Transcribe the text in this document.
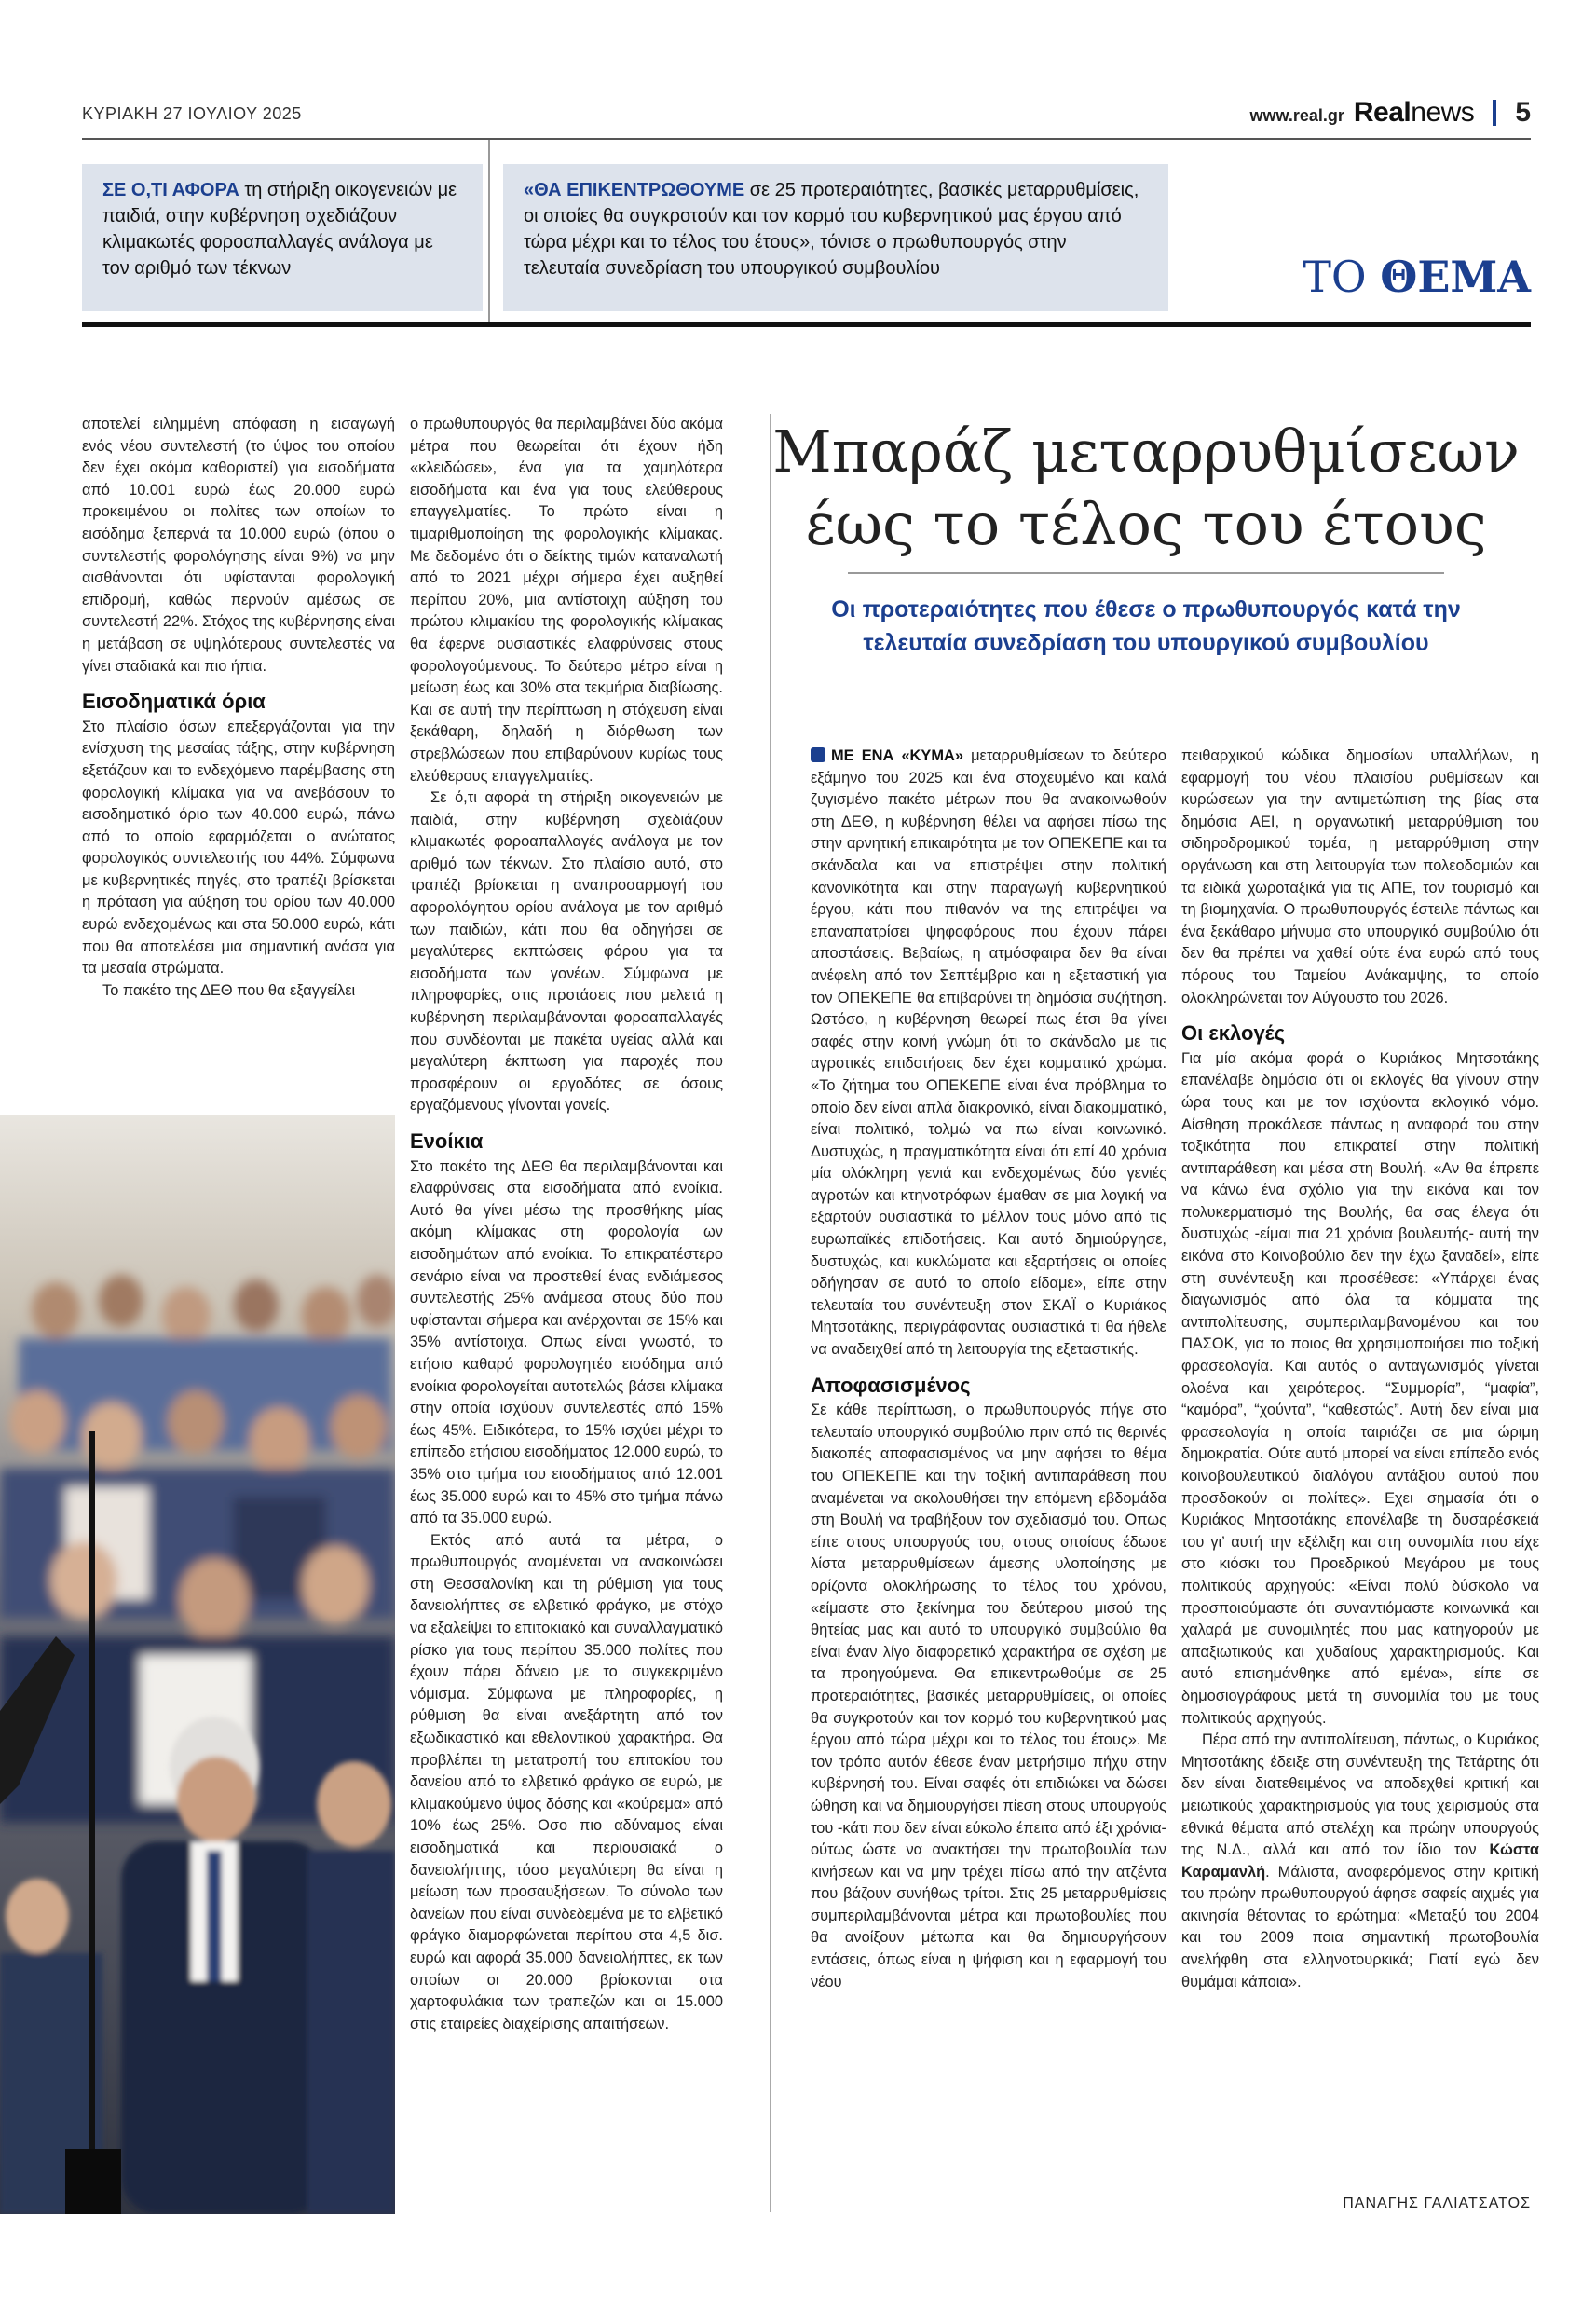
ΚΥΡΙΑΚΗ 27 ΙΟΥΛΙΟΥ 2025	www.real.gr Realnews 5
ΣΕ Ο,ΤΙ ΑΦΟΡΑ τη στήριξη οικογενειών με παιδιά, στην κυβέρνηση σχεδιάζουν κλιμακωτές φοροαπαλλαγές ανάλογα με τον αριθμό των τέκνων
«ΘΑ ΕΠΙΚΕΝΤΡΩΘΟΥΜΕ σε 25 προτεραιότητες, βασικές μεταρρυθμίσεις, οι οποίες θα συγκροτούν και τον κορμό του κυβερνητικού μας έργου από τώρα μέχρι και το τέλος του έτους», τόνισε ο πρωθυπουργός στην τελευταία συνεδρίαση του υπουργικού συμβουλίου	ΤΟ ΘΕΜΑ

αποτελεί ειλημμένη απόφαση η εισαγωγή ενός νέου συντελεστή (το ύψος του οποίου δεν έχει ακόμα καθοριστεί) για εισοδήματα από 10.001 ευρώ έως 20.000 ευρώ προκειμένου οι πολίτες των οποίων το εισόδημα ξεπερνά τα 10.000 ευρώ (όπου ο συντελεστής φορολόγησης είναι 9%) να μην αισθάνονται ότι υφίστανται φορολογική επιδρομή, καθώς περνούν αμέσως σε συντελεστή 22%. Στόχος της κυβέρνησης είναι η μετάβαση σε υψηλότερους συντελεστές να γίνει σταδιακά και πιο ήπια.

Εισοδηματικά όρια

Στο πλαίσιο όσων επεξεργάζονται για την ενίσχυση της μεσαίας τάξης, στην κυβέρνηση εξετάζουν και το ενδεχόμενο παρέμβασης στη φορολογική κλίμακα για να ανεβάσουν το εισοδηματικό όριο των 40.000 ευρώ, πάνω από το οποίο εφαρμόζεται ο ανώτατος φορολογικός συντελεστής του 44%. Σύμφωνα με κυβερνητικές πηγές, στο τραπέζι βρίσκεται η πρόταση για αύξηση του ορίου των 40.000 ευρώ ενδεχομένως και στα 50.000 ευρώ, κάτι που θα αποτελέσει μια σημαντική ανάσα για τα μεσαία στρώματα.

Το πακέτο της ΔΕΘ που θα εξαγγείλει

ο πρωθυπουργός θα περιλαμβάνει δύο ακόμα μέτρα που θεωρείται ότι έχουν ήδη «κλειδώσει», ένα για τα χαμηλότερα εισοδήματα και ένα για τους ελεύθερους επαγγελματίες. Το πρώτο είναι η τιμαριθμοποίηση της φορολογικής κλίμακας. Με δεδομένο ότι ο δείκτης τιμών καταναλωτή από το 2021 μέχρι σήμερα έχει αυξηθεί περίπου 20%, μια αντίστοιχη αύξηση του πρώτου κλιμακίου της φορολογικής κλίμακας θα έφερνε ουσιαστικές ελαφρύνσεις στους φορολογούμενους. Το δεύτερο μέτρο είναι η μείωση έως και 30% στα τεκμήρια διαβίωσης. Και σε αυτή την περίπτωση η στόχευση είναι ξεκάθαρη, δηλαδή η διόρθωση των στρεβλώσεων που επιβαρύνουν κυρίως τους ελεύθερους επαγγελματίες.

Σε ό,τι αφορά τη στήριξη οικογενειών με παιδιά, στην κυβέρνηση σχεδιάζουν κλιμακωτές φοροαπαλλαγές ανάλογα με τον αριθμό των τέκνων. Στο πλαίσιο αυτό, στο τραπέζι βρίσκεται η αναπροσαρμογή του αφορολόγητου ορίου ανάλογα με τον αριθμό των παιδιών, κάτι που θα οδηγήσει σε μεγαλύτερες εκπτώσεις φόρου για τα εισοδήματα των γονέων. Σύμφωνα με πληροφορίες, στις προτάσεις που μελετά η κυβέρνηση περιλαμβάνονται φοροαπαλλαγές που συνδέονται με πακέτα υγείας αλλά και μεγαλύτερη έκπτωση για παροχές που προσφέρουν οι εργοδότες σε όσους εργαζόμενους γίνονται γονείς.

Ενοίκια

Στο πακέτο της ΔΕΘ θα περιλαμβάνονται και ελαφρύνσεις στα εισοδήματα από ενοίκια. Αυτό θα γίνει μέσω της προσθήκης μίας ακόμη κλίμακας στη φορολογία ων εισοδημάτων από ενοίκια. Το επικρατέστερο σενάριο είναι να προστεθεί ένας ενδιάμεσος συντελεστής 25% ανάμεσα στους δύο που υφίστανται σήμερα και ανέρχονται σε 15% και 35% αντίστοιχα. Οπως είναι γνωστό, το ετήσιο καθαρό φορολογητέο εισόδημα από ενοίκια φορολογείται αυτοτελώς βάσει κλίμακα στην οποία ισχύουν συντελεστές από 15% έως 45%. Ειδικότερα, το 15% ισχύει μέχρι το επίπεδο ετήσιου εισοδήματος 12.000 ευρώ, το 35% στο τμήμα του εισοδήματος από 12.001 έως 35.000 ευρώ και το 45% στο τμήμα πάνω από τα 35.000 ευρώ.

Εκτός από αυτά τα μέτρα, ο πρωθυπουργός αναμένεται να ανακοινώσει στη Θεσσαλονίκη και τη ρύθμιση για τους δανειολήπτες σε ελβετικό φράγκο, με στόχο να εξαλείψει το επιτοκιακό και συναλλαγματικό ρίσκο για τους περίπου 35.000 πολίτες που έχουν πάρει δάνειο με το συγκεκριμένο νόμισμα. Σύμφωνα με πληροφορίες, η ρύθμιση θα είναι ανεξάρτητη από τον εξωδικαστικό και εθελοντικού χαρακτήρα. Θα προβλέπει τη μετατροπή του επιτοκίου του δανείου από το ελβετικό φράγκο σε ευρώ, με κλιμακούμενο ύψος δόσης και «κούρεμα» από 10% έως 25%. Οσο πιο αδύναμος είναι εισοδηματικά και περιουσιακά ο δανειολήπτης, τόσο μεγαλύτερη θα είναι η μείωση των προσαυξήσεων. Το σύνολο των δανείων που είναι συνδεδεμένα με το ελβετικό φράγκο διαμορφώνεται περίπου στα 4,5 δισ. ευρώ και αφορά 35.000 δανειολήπτες, εκ των οποίων οι 20.000 βρίσκονται στα χαρτοφυλάκια των τραπεζών και οι 15.000 στις εταιρείες διαχείρισης απαιτήσεων.

Μπαράζ μεταρρυθμίσεων
έως το τέλος του έτους
Οι προτεραιότητες που έθεσε ο πρωθυπουργός κατά την τελευταία συνεδρίαση του υπουργικού συμβουλίου

ΜΕ ΕΝΑ «ΚΥΜΑ» μεταρρυθμίσεων το δεύτερο εξάμηνο του 2025 και ένα στοχευμένο και καλά ζυγισμένο πακέτο μέτρων που θα ανακοινωθούν στη ΔΕΘ, η κυβέρνηση θέλει να αφήσει πίσω της στην αρνητική επικαιρότητα με τον ΟΠΕΚΕΠΕ και τα σκάνδαλα και να επιστρέψει στην πολιτική κανονικότητα και στην παραγωγή κυβερνητικού έργου, κάτι που πιθανόν να της επιτρέψει να επαναπατρίσει ψηφοφόρους που έχουν πάρει αποστάσεις. Βεβαίως, η ατμόσφαιρα δεν θα είναι ανέφελη από τον Σεπτέμβριο και η εξεταστική για τον ΟΠΕΚΕΠΕ θα επιβαρύνει τη δημόσια συζήτηση. Ωστόσο, η κυβέρνηση θεωρεί πως έτσι θα γίνει σαφές στην κοινή γνώμη ότι το σκάνδαλο με τις αγροτικές επιδοτήσεις δεν έχει κομματικό χρώμα. «Το ζήτημα του ΟΠΕΚΕΠΕ είναι ένα πρόβλημα το οποίο δεν είναι απλά διακρονικό, είναι διακομματικό, είναι πολιτικό, τολμώ να πω είναι κοινωνικό. Δυστυχώς, η πραγματικότητα είναι ότι επί 40 χρόνια μία ολόκληρη γενιά και ενδεχομένως δύο γενιές αγροτών και κτηνοτρόφων έμαθαν σε μια λογική να εξαρτούν ουσιαστικά το μέλλον τους μόνο από τις ευρωπαϊκές επιδοτήσεις. Και αυτό δημιούργησε, δυστυχώς, και κυκλώματα και εξαρτήσεις οι οποίες οδήγησαν σε αυτό το οποίο είδαμε», είπε στην τελευταία του συνέντευξη στον ΣΚΑΪ ο Κυριάκος Μητσοτάκης, περιγράφοντας ουσιαστικά τι θα ήθελε να αναδειχθεί από τη λειτουργία της εξεταστικής.

Αποφασισμένος

Σε κάθε περίπτωση, ο πρωθυπουργός πήγε στο τελευταίο υπουργικό συμβούλιο πριν από τις θερινές διακοπές αποφασισμένος να μην αφήσει το θέμα του ΟΠΕΚΕΠΕ και την τοξική αντιπαράθεση που αναμένεται να ακολουθήσει την επόμενη εβδομάδα στη Βουλή να τραβήξουν τον σχεδιασμό του. Οπως είπε στους υπουργούς του, στους οποίους έδωσε λίστα μεταρρυθμίσεων άμεσης υλοποίησης με ορίζοντα ολοκλήρωσης το τέλος του χρόνου, «είμαστε στο ξεκίνημα του δεύτερου μισού της θητείας μας και αυτό το υπουργικό συμβούλιο θα είναι έναν λίγο διαφορετικό χαρακτήρα σε σχέση με τα προηγούμενα. Θα επικεντρωθούμε σε 25 προτεραιότητες, βασικές μεταρρυθμίσεις, οι οποίες θα συγκροτούν και τον κορμό του κυβερνητικού μας έργου από τώρα μέχρι και το τέλος του έτους». Με τον τρόπο αυτόν έθεσε έναν μετρήσιμο πήχυ στην κυβέρνησή του. Είναι σαφές ότι επιδιώκει να δώσει ώθηση και να δημιουργήσει πίεση στους υπουργούς του -κάτι που δεν είναι εύκολο έπειτα από έξι χρόνια- ούτως ώστε να ανακτήσει την πρωτοβουλία των κινήσεων και να μην τρέχει πίσω από την ατζέντα που βάζουν συνήθως τρίτοι. Στις 25 μεταρρυθμίσεις συμπεριλαμβάνονται μέτρα και πρωτοβουλίες που θα ανοίξουν μέτωπα και θα δημιουργήσουν εντάσεις, όπως είναι η ψήφιση και η εφαρμογή του νέου

πειθαρχικού κώδικα δημοσίων υπαλλήλων, η εφαρμογή του νέου πλαισίου ρυθμίσεων και κυρώσεων για την αντιμετώπιση της βίας στα δημόσια ΑΕΙ, η οργανωτική μεταρρύθμιση του σιδηροδρομικού τομέα, η μεταρρύθμιση στην οργάνωση και στη λειτουργία των πολεοδομιών και τα ειδικά χωροταξικά για τις ΑΠΕ, τον τουρισμό και τη βιομηχανία. Ο πρωθυπουργός έστειλε πάντως και ένα ξεκάθαρο μήνυμα στο υπουργικό συμβούλιο ότι δεν θα πρέπει να χαθεί ούτε ένα ευρώ από τους πόρους του Ταμείου Ανάκαμψης, το οποίο ολοκληρώνεται τον Αύγουστο του 2026.

Οι εκλογές

Για μία ακόμα φορά ο Κυριάκος Μητσοτάκης επανέλαβε δημόσια ότι οι εκλογές θα γίνουν στην ώρα τους και με τον ισχύοντα εκλογικό νόμο. Αίσθηση προκάλεσε πάντως η αναφορά του στην τοξικότητα που επικρατεί στην πολιτική αντιπαράθεση και μέσα στη Βουλή. «Αν θα έπρεπε να κάνω ένα σχόλιο για την εικόνα και τον πολυκερματισμό της Βουλής, θα σας έλεγα ότι δυστυχώς -είμαι πια 21 χρόνια βουλευτής- αυτή την εικόνα στο Κοινοβούλιο δεν την έχω ξαναδεί», είπε στη συνέντευξη και προσέθεσε: «Υπάρχει ένας διαγωνισμός από όλα τα κόμματα της αντιπολίτευσης, συμπεριλαμβανομένου και του ΠΑΣΟΚ, για το ποιος θα χρησιμοποιήσει πιο τοξική φρασεολογία. Και αυτός ο ανταγωνισμός γίνεται ολοένα και χειρότερος. “Συμμορία”, “μαφία”, “καμόρα”, “χούντα”, “καθεστώς”. Αυτή δεν είναι μια φρασεολογία η οποία ταιριάζει σε μια ώριμη δημοκρατία. Ούτε αυτό μπορεί να είναι επίπεδο ενός κοινοβουλευτικού διαλόγου αντάξιου αυτού που προσδοκούν οι πολίτες». Εχει σημασία ότι ο Κυριάκος Μητσοτάκης επανέλαβε τη δυσαρέσκειά του γι’ αυτή την εξέλιξη και στη συνομιλία που είχε στο κιόσκι του Προεδρικού Μεγάρου με τους πολιτικούς αρχηγούς: «Είναι πολύ δύσκολο να προσποιούμαστε ότι συναντιόμαστε κοινωνικά και χαλαρά με συνομιλητές που μας κατηγορούν με απαξιωτικούς και χυδαίους χαρακτηρισμούς. Και αυτό επισημάνθηκε από εμένα», είπε σε δημοσιογράφους μετά τη συνομιλία του με τους πολιτικούς αρχηγούς.

Πέρα από την αντιπολίτευση, πάντως, ο Κυριάκος Μητσοτάκης έδειξε στη συνέντευξη της Τετάρτης ότι δεν είναι διατεθειμένος να αποδεχθεί κριτική και μειωτικούς χαρακτηρισμούς για τους χειρισμούς στα εθνικά θέματα από στελέχη και πρώην υπουργούς της Ν.Δ., αλλά και από τον ίδιο τον Κώστα Καραμανλή. Μάλιστα, αναφερόμενος στην κριτική του πρώην πρωθυπουργού άφησε σαφείς αιχμές για ακινησία θέτοντας το ερώτημα: «Μεταξύ του 2004 και του 2009 ποια σημαντική πρωτοβουλία ανελήφθη στα ελληνοτουρκικά; Γιατί εγώ δεν θυμάμαι κάποια».

ΠΑΝΑΓΗΣ ΓΑΛΙΑΤΣΑΤΟΣ
